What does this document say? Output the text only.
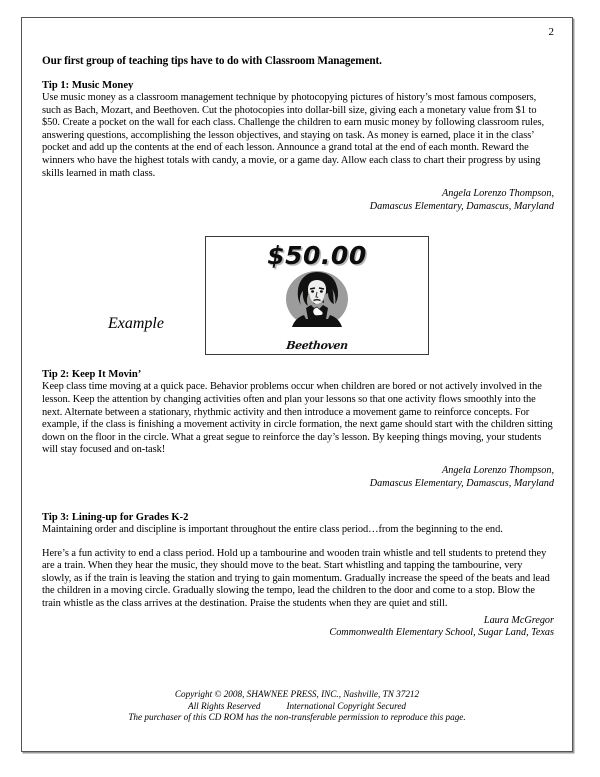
2
Our first group of teaching tips have to do with Classroom Management.
Tip 1: Music Money

Use music money as a classroom management technique by photocopying pictures of history’s most famous composers, such as Bach, Mozart, and Beethoven. Cut the photocopies into dollar-bill size, giving each a monetary value from $1 to $50. Create a pocket on the wall for each class. Challenge the children to earn music money by following classroom rules, answering questions, accomplishing the lesson objectives, and staying on task. As money is earned, place it in the class’ pocket and add up the contents at the end of each lesson. Announce a grand total at the end of each month. Reward the winners who have the highest totals with candy, a movie, or a game day. Allow each class to chart their progress by using skills learned in math class.

Angela Lorenzo Thompson,
Damascus Elementary, Damascus, Maryland
Example
$50.00
Beethoven
Tip 2: Keep It Movin’

Keep class time moving at a quick pace. Behavior problems occur when children are bored or not actively involved in the lesson. Keep the attention by changing activities often and plan your lessons so that one activity flows smoothly into the next. Alternate between a stationary, rhythmic activity and then introduce a movement game to reinforce concepts. For example, if the class is finishing a movement activity in circle formation, the next game should start with the children sitting down on the floor in the circle. What a great segue to reinforce the day’s lesson. By keeping things moving, your students will stay focused and on-task!

Angela Lorenzo Thompson,
Damascus Elementary, Damascus, Maryland
Tip 3: Lining-up for Grades K-2

Maintaining order and discipline is important throughout the entire class period…from the beginning to the end.

Here’s a fun activity to end a class period. Hold up a tambourine and wooden train whistle and tell students to pretend they are a train. When they hear the music, they should move to the beat. Start whistling and tapping the tambourine, very slowly, as if the train is leaving the station and trying to gain momentum. Gradually increase the speed of the beats and lead the children in a moving circle. Gradually slowing the tempo, lead the children to the door and come to a stop. Blow the train whistle as the class arrives at the destination. Praise the students when they are quiet and still.

Laura McGregor
Commonwealth Elementary School, Sugar Land, Texas
Copyright © 2008, SHAWNEE PRESS, INC., Nashville, TN 37212
All Rights Reserved	International Copyright Secured
The purchaser of this CD ROM has the non-transferable permission to reproduce this page.
